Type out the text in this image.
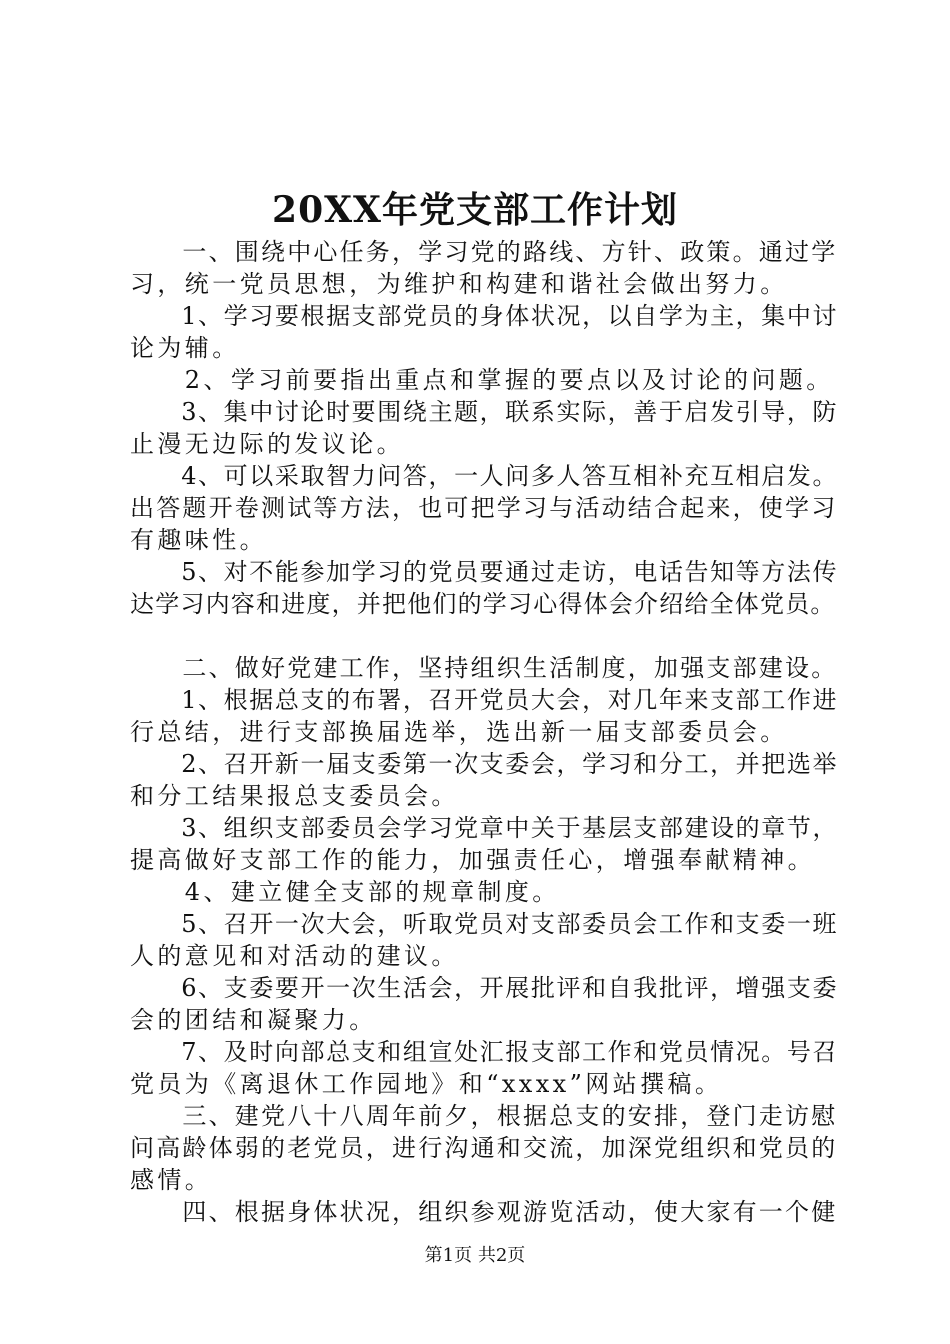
20XX年党支部工作计划
　　一、围绕中心任务，学习党的路线、方针、政策。通过学
习，统一党员思想，为维护和构建和谐社会做出努力。
　　1、学习要根据支部党员的身体状况，以自学为主，集中讨
论为辅。
　　2、学习前要指出重点和掌握的要点以及讨论的问题。
　　3、集中讨论时要围绕主题，联系实际，善于启发引导，防
止漫无边际的发议论。
　　4、可以采取智力问答，一人问多人答互相补充互相启发。
出答题开卷测试等方法，也可把学习与活动结合起来，使学习
有趣味性。
　　5、对不能参加学习的党员要通过走访，电话告知等方法传
达学习内容和进度，并把他们的学习心得体会介绍给全体党员。
　　二、做好党建工作，坚持组织生活制度，加强支部建设。
　　1、根据总支的布署，召开党员大会，对几年来支部工作进
行总结，进行支部换届选举，选出新一届支部委员会。
　　2、召开新一届支委第一次支委会，学习和分工，并把选举
和分工结果报总支委员会。
　　3、组织支部委员会学习党章中关于基层支部建设的章节，
提高做好支部工作的能力，加强责任心，增强奉献精神。
　　4、建立健全支部的规章制度。
　　5、召开一次大会，听取党员对支部委员会工作和支委一班
人的意见和对活动的建议。
　　6、支委要开一次生活会，开展批评和自我批评，增强支委
会的团结和凝聚力。
　　7、及时向部总支和组宣处汇报支部工作和党员情况。号召
党员为《离退休工作园地》和“xxxx”网站撰稿。
　　三、建党八十八周年前夕，根据总支的安排，登门走访慰
问高龄体弱的老党员，进行沟通和交流，加深党组织和党员的
感情。
　　四、根据身体状况，组织参观游览活动，使大家有一个健
第1页 共2页
